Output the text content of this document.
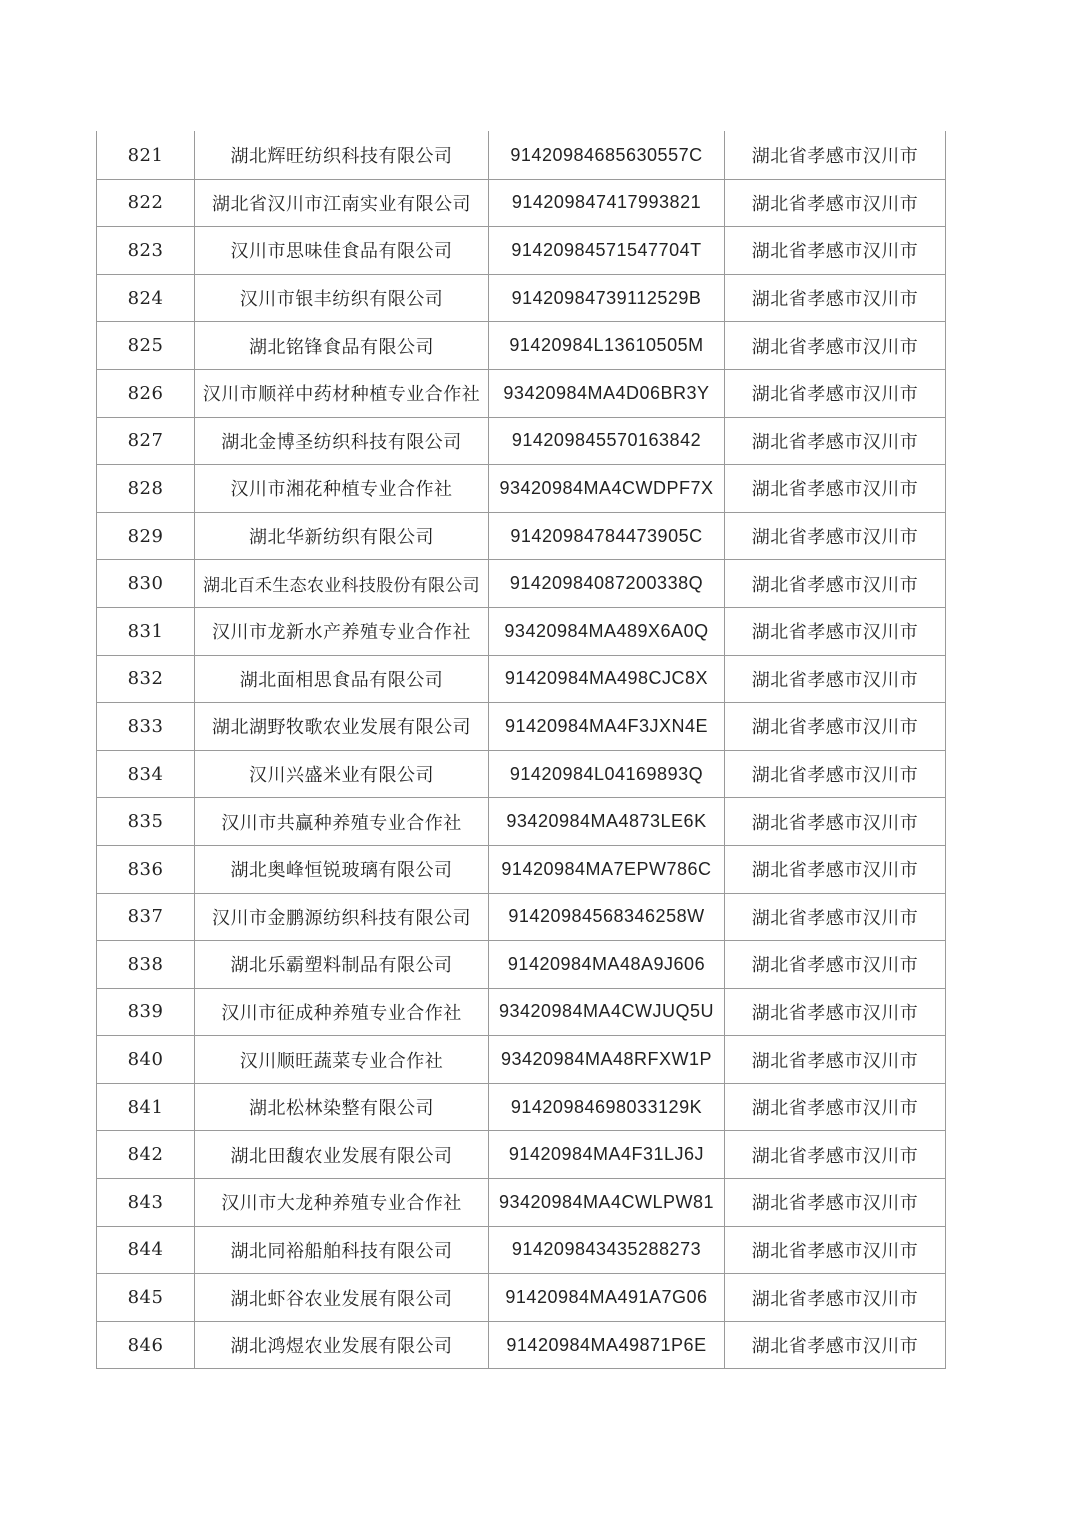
821	湖北辉旺纺织科技有限公司	91420984685630557C	湖北省孝感市汉川市
822	湖北省汉川市江南实业有限公司	914209847417993821	湖北省孝感市汉川市
823	汉川市思味佳食品有限公司	91420984571547704T	湖北省孝感市汉川市
824	汉川市银丰纺织有限公司	91420984739112529B	湖北省孝感市汉川市
825	湖北铭锋食品有限公司	91420984L13610505M	湖北省孝感市汉川市
826	汉川市顺祥中药材种植专业合作社	93420984MA4D06BR3Y	湖北省孝感市汉川市
827	湖北金博圣纺织科技有限公司	914209845570163842	湖北省孝感市汉川市
828	汉川市湘花种植专业合作社	93420984MA4CWDPF7X	湖北省孝感市汉川市
829	湖北华新纺织有限公司	91420984784473905C	湖北省孝感市汉川市
830	湖北百禾生态农业科技股份有限公司	91420984087200338Q	湖北省孝感市汉川市
831	汉川市龙新水产养殖专业合作社	93420984MA489X6A0Q	湖北省孝感市汉川市
832	湖北面相思食品有限公司	91420984MA498CJC8X	湖北省孝感市汉川市
833	湖北湖野牧歌农业发展有限公司	91420984MA4F3JXN4E	湖北省孝感市汉川市
834	汉川兴盛米业有限公司	91420984L04169893Q	湖北省孝感市汉川市
835	汉川市共赢种养殖专业合作社	93420984MA4873LE6K	湖北省孝感市汉川市
836	湖北奥峰恒锐玻璃有限公司	91420984MA7EPW786C	湖北省孝感市汉川市
837	汉川市金鹏源纺织科技有限公司	91420984568346258W	湖北省孝感市汉川市
838	湖北乐霸塑料制品有限公司	91420984MA48A9J606	湖北省孝感市汉川市
839	汉川市征成种养殖专业合作社	93420984MA4CWJUQ5U	湖北省孝感市汉川市
840	汉川顺旺蔬菜专业合作社	93420984MA48RFXW1P	湖北省孝感市汉川市
841	湖北松林染整有限公司	91420984698033129K	湖北省孝感市汉川市
842	湖北田馥农业发展有限公司	91420984MA4F31LJ6J	湖北省孝感市汉川市
843	汉川市大龙种养殖专业合作社	93420984MA4CWLPW81	湖北省孝感市汉川市
844	湖北同裕船舶科技有限公司	914209843435288273	湖北省孝感市汉川市
845	湖北虾谷农业发展有限公司	91420984MA491A7G06	湖北省孝感市汉川市
846	湖北鸿煜农业发展有限公司	91420984MA49871P6E	湖北省孝感市汉川市
